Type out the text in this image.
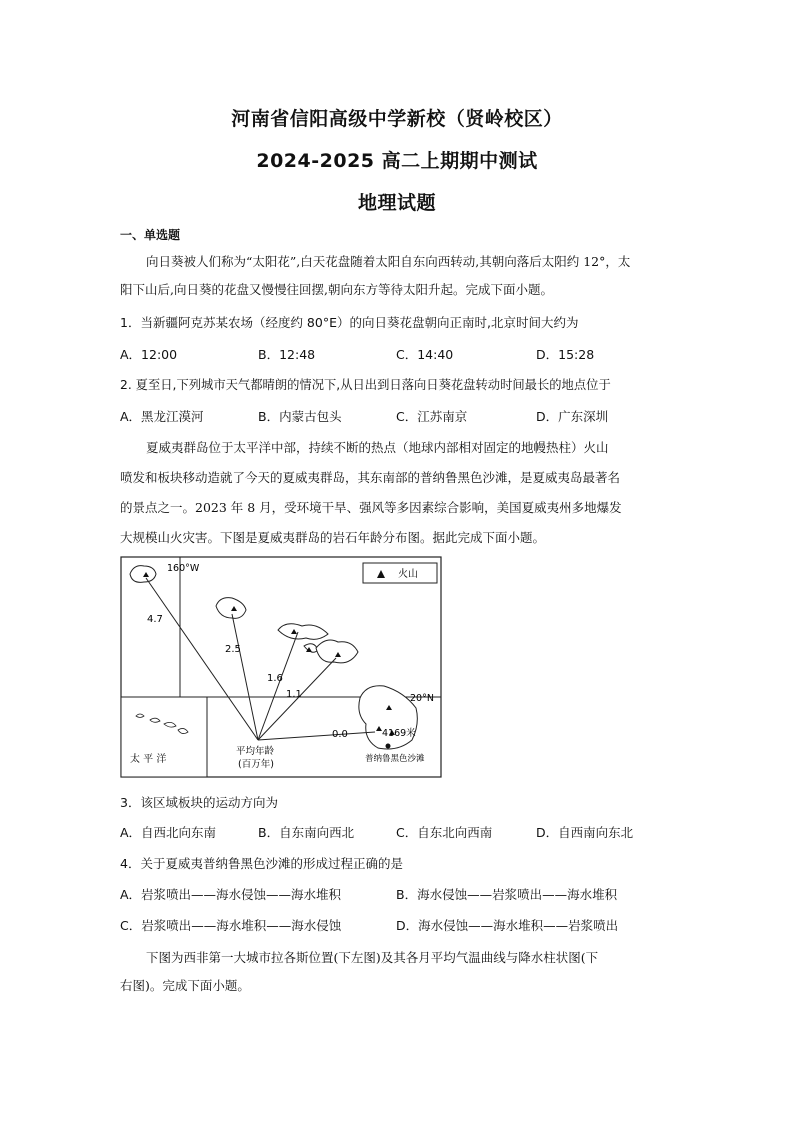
河南省信阳高级中学新校（贤岭校区）
2024-2025 高二上期期中测试
地理试题
一、单选题
向日葵被人们称为“太阳花”,白天花盘随着太阳自东向西转动,其朝向落后太阳约 12°，太
阳下山后,向日葵的花盘又慢慢往回摆,朝向东方等待太阳升起。完成下面小题。
1．当新疆阿克苏某农场（经度约 80°E）的向日葵花盘朝向正南时,北京时间大约为
A．12:00	B．12:48	C．14:40	D．15:28
2. 夏至日,下列城市天气都晴朗的情况下,从日出到日落向日葵花盘转动时间最长的地点位于
A．黑龙江漠河	B．内蒙古包头	C．江苏南京	D．广东深圳
夏威夷群岛位于太平洋中部，持续不断的热点（地球内部相对固定的地幔热柱）火山
喷发和板块移动造就了今天的夏威夷群岛，其东南部的普纳鲁黑色沙滩，是夏威夷岛最著名
的景点之一。2023 年 8 月，受环境干旱、强风等多因素综合影响，美国夏威夷州多地爆发
大规模山火灾害。下图是夏威夷群岛的岩石年龄分布图。据此完成下面小题。
火山
160°W
20°N
4.7
2.5
1.6
1.1
0.0	4169米
普纳鲁黑色沙滩
平均年龄
(百万年)
太 平 洋
3．该区域板块的运动方向为
A．自西北向东南	B．自东南向西北	C．自东北向西南	D．自西南向东北
4．关于夏威夷普纳鲁黑色沙滩的形成过程正确的是
A．岩浆喷出——海水侵蚀——海水堆积	B．海水侵蚀——岩浆喷出——海水堆积
C．岩浆喷出——海水堆积——海水侵蚀	D．海水侵蚀——海水堆积——岩浆喷出
下图为西非第一大城市拉各斯位置(下左图)及其各月平均气温曲线与降水柱状图(下
右图)。完成下面小题。
